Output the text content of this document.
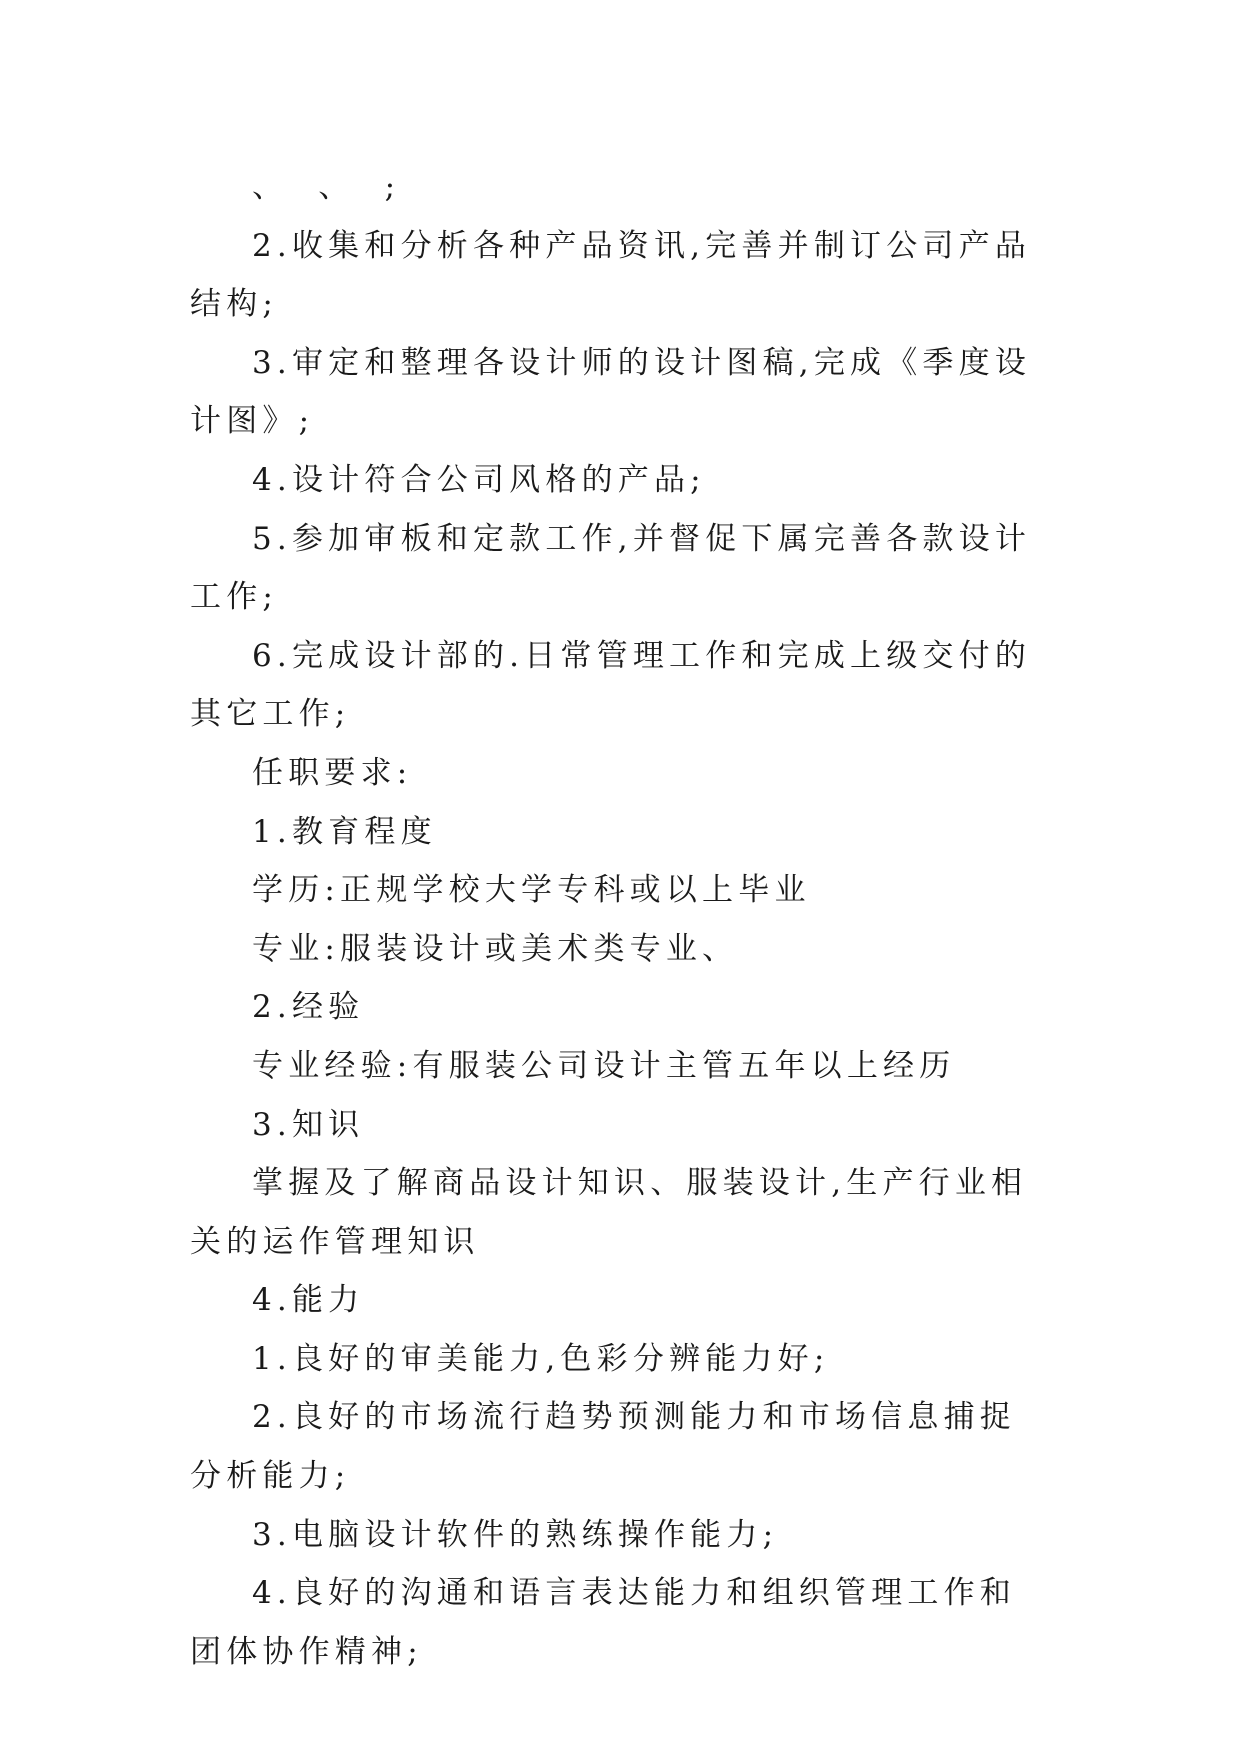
、  、  ;

2.收集和分析各种产品资讯,完善并制订公司产品结构;

3.审定和整理各设计师的设计图稿,完成《季度设计图》;

4.设计符合公司风格的产品;

5.参加审板和定款工作,并督促下属完善各款设计工作;

6.完成设计部的.日常管理工作和完成上级交付的其它工作;

任职要求:

1.教育程度

学历:正规学校大学专科或以上毕业

专业:服装设计或美术类专业、

2.经验

专业经验:有服装公司设计主管五年以上经历

3.知识

掌握及了解商品设计知识、服装设计,生产行业相关的运作管理知识

4.能力

1.良好的审美能力,色彩分辨能力好;

2.良好的市场流行趋势预测能力和市场信息捕捉分析能力;

3.电脑设计软件的熟练操作能力;

4.良好的沟通和语言表达能力和组织管理工作和团体协作精神;
